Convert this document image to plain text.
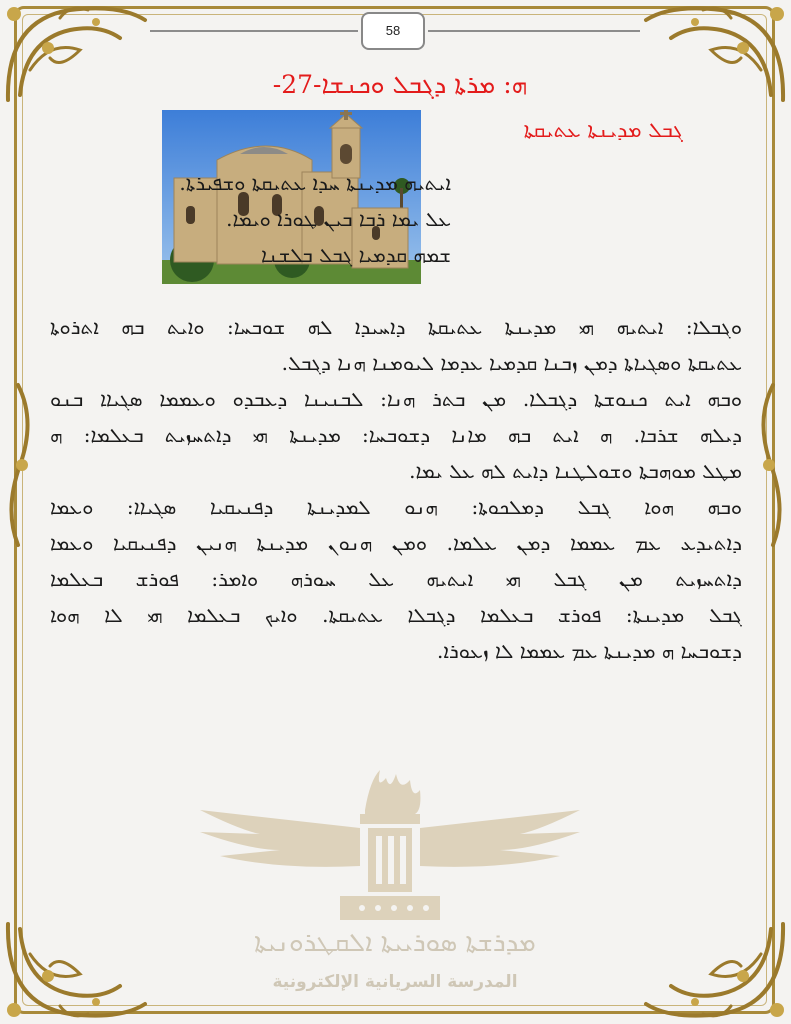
58
ܗ: ܡܪܬܐ ܕܓܒܠ ܘܟܢܫܐ-27-
ܓܒܠ ܡܕܝܢܬܐ ܥܬܝܩܬܐ
ܐܝܬܝܗ ܡܕܝܢܬܐ ܚܕܐ ܥܬܝܩܬܐ ܘܫܦܝܪܬܐ.
ܥܠ ܝܡܐ ܪܒܐ ܒܝܢ ܛܘܪܐ ܘܝܡܐ.
ܫܡܗ ܩܕܡܝܐ ܓܒܠ ܒܠܫܢܐ
ܘܓܒܠܐ: ܐܝܬܝܗ ܗܝ ܡܕܝܢܬܐ ܥܬܝܩܬܐ ܕܐܚܝܕܐ ܠܗ ܫܘܒܚܐ: ܘܐܝܬ ܒܗ ܐܬܪܘܬܐ
ܥܬܝܩܬܐ ܘܣܓܝܐܬܐ ܕܡܢ ܙܒܢܐ ܩܕܡܝܐ ܥܕܡܐ ܠܝܘܡܢܐ ܗܢܐ ܕܓܒܠ.
ܘܒܗ ܐܝܬ ܟܢܘܫܬܐ ܕܓܒܠܐ. ܡܢ ܒܬܪ ܗܢܐ: ܠܒܢܝܢܐ ܕܥܒܕܘ ܘܥܡܡܐ ܣܓܝܐܐ ܒܢܘ
ܕܝܠܗ ܫܪܒܐ. ܗ ܐܝܬ ܒܗ ܡܐܢܐ ܕܫܘܒܚܐ: ܡܕܝܢܬܐ ܗܝ ܕܐܬܚܙܝܬ ܒܥܠܡܐ: ܗ
ܡܛܠ ܡܘܗܒܬܐ ܘܫܘܠܛܢܐ ܕܐܝܬ ܠܗ ܥܠ ܝܡܐ.
ܘܒܗ ܗܘܐ ܓܒܠ ܕܡܠܟܘܬܐ: ܗܢܘ ܠܡܕܝܢܬܐ ܕܦܢܝܩܝܐ ܣܓܝܐܐ: ܘܥܡܐ
ܕܐܬܝܕܥ ܥܡ ܥܡܡܐ ܕܡܢ ܥܠܡܐ. ܘܡܢ ܗܢܘܢ ܡܕܝܢܬܐ ܗܢܝܢ ܕܦܢܝܩܝܐ ܘܥܡܐ
ܕܐܬܚܙܝܬ ܡܢ ܓܒܠ ܗܝ ܐܝܬܝܗ ܥܠ ܚܘܪܗ ܘܐܡܪ: ܦܘܪܫ ܒܥܠܡܐ
ܓܒܠ ܡܕܝܢܬܐ: ܦܘܪܫ ܒܥܠܡܐ ܕܓܒܠܐ ܥܬܝܩܬܐ. ܘܐܝܟ ܒܥܠܡܐ ܗܝ ܠܐ ܗܘܐ
ܕܫܘܒܚܐ ܗ ܡܕܝܢܬܐ ܥܡ ܥܡܡܐ ܠܐ ܙܥܘܪܐ.
ܡܕܪܫܬܐ ܣܘܪܝܝܬܐ ܐܠܩܛܪܘܢܝܬܐ
المدرسة السريانية الإلكترونية
